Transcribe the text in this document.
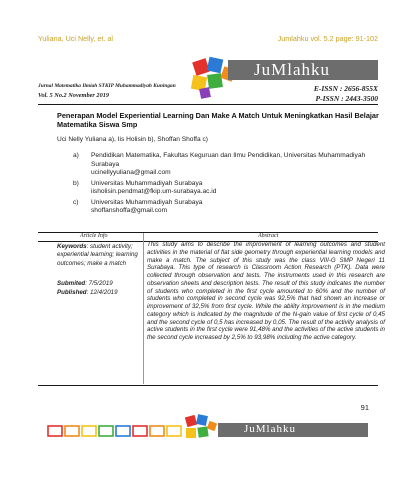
Yuliana, Uci Nelly, et. al	Jumlahku vol. 5.2 page: 91-102
Jurnal Matematika Ilmiah STKIP Muhammadiyah Kuningan
Vol. 5 No.2 November 2019
JuMlahku
E-ISSN : 2656-855X
P-ISSN : 2443-3500
Penerapan Model Experiential Learning Dan Make A Match Untuk Meningkatkan Hasil Belajar Matematika Siswa Smp
Uci Nelly Yuliana a), Iis Holisin b), Shoffan Shoffa c)
a) Pendidikan Matematika, Fakultas Keguruan dan Ilmu Pendidikan, Universitas Muhammadiyah Surabaya
ucinellyyuliana@gmail.com
b) Universitas Muhammadiyah Surabaya
iisholisin.pendmat@fkip.um-surabaya.ac.id
c) Universitas Muhammadiyah Surabaya
shoffanshoffa@gmail.com
Article Info	Abstract
Keywords: student activity; experiential learning; learning outcomes; make a match
Submited: 7/5/2019
Published: 12/4/2019
This study aims to describe the improvement of learning outcomes and student activities in the material of flat side geometry through experiential learning models and make a match. The subject of this study was the class VIII-G SMP Negeri 11 Surabaya. This type of research is Classroom Action Research (PTK). Data were collected through observation and tests. The instruments used in this research are observation sheets and description tests. The result of this study indicates the number of students who completed in the first cycle amounted to 60% and the number of students who completed in second cycle was 92,5% that had shown an increase or improvement of 32,5% from first cycle. While the ability improvement is in the medium category which is indicated by the magnitude of the N-gain value of first cycle of 0,45 and the second cycle of 0,5 has increased by 0,05. The result of the activity analysis of active students in the first cycle were 91,48% and the activities of the active students in the second cycle increased by 2,5% to 93,98% including the active category.
91
JuMlahku
